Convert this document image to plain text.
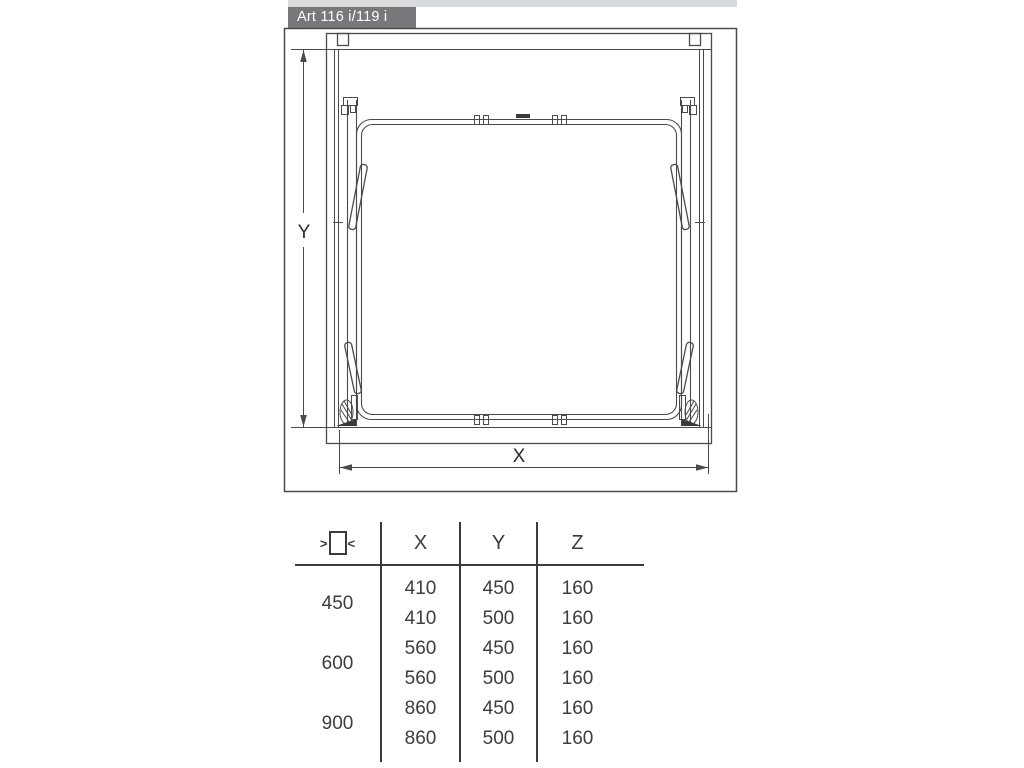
Art 116 i/119 i
Y
X
> <	X	Y	Z	

450	410	450	160	
	410	500	160	
600	560	450	160	
	560	500	160	
900	860	450	160	
	860	500	160	
